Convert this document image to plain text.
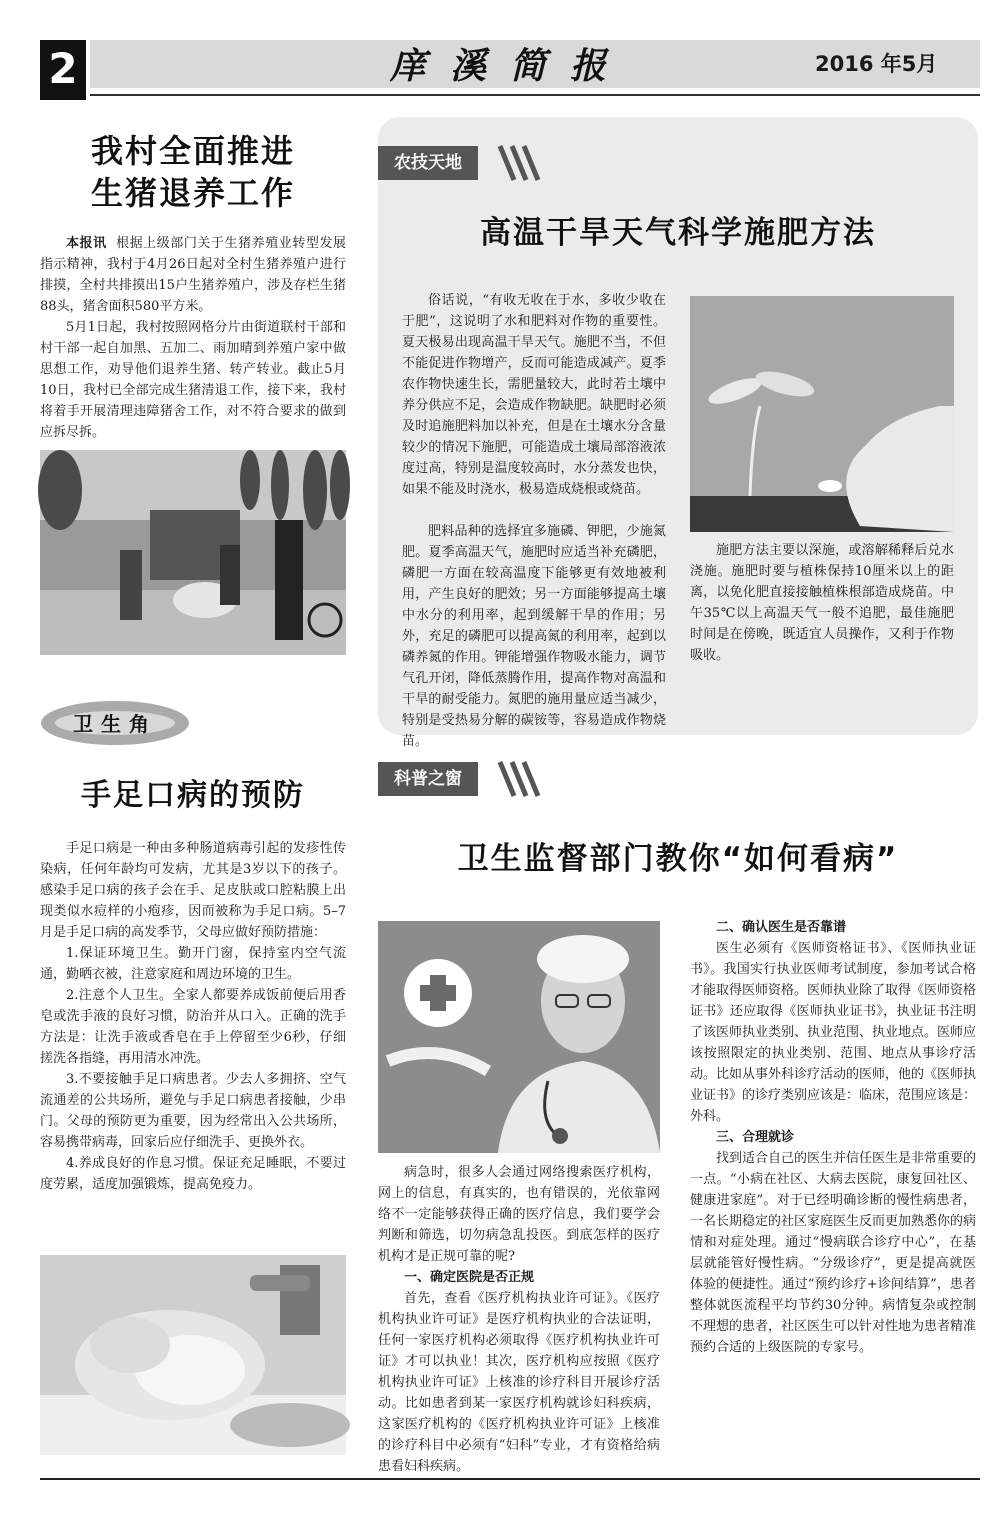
2	庠溪简报	2016 年5月
我村全面推进
生猪退养工作

本报讯 根据上级部门关于生猪养殖业转型发展指示精神，我村于4月26日起对全村生猪养殖户进行排摸，全村共排摸出15户生猪养殖户，涉及存栏生猪88头，猪舍面积580平方米。

5月1日起，我村按照网格分片由街道联村干部和村干部一起自加黑、五加二、雨加晴到养殖户家中做思想工作，劝导他们退养生猪、转产转业。截止5月10日，我村已全部完成生猪清退工作，接下来，我村将着手开展清理违障猪舍工作，对不符合要求的做到应拆尽拆。

卫生角
手足口病的预防

手足口病是一种由多种肠道病毒引起的发疹性传染病，任何年龄均可发病，尤其是3岁以下的孩子。感染手足口病的孩子会在手、足皮肤或口腔粘膜上出现类似水痘样的小疱疹，因而被称为手足口病。5–7月是手足口病的高发季节，父母应做好预防措施：

1.保证环境卫生。勤开门窗，保持室内空气流通，勤晒衣被，注意家庭和周边环境的卫生。

2.注意个人卫生。全家人都要养成饭前便后用香皂或洗手液的良好习惯，防治并从口入。正确的洗手方法是：让洗手液或香皂在手上停留至少6秒，仔细搓洗各指缝，再用清水冲洗。

3.不要接触手足口病患者。少去人多拥挤、空气流通差的公共场所，避免与手足口病患者接触，少串门。父母的预防更为重要，因为经常出入公共场所，容易携带病毒，回家后应仔细洗手、更换外衣。

4.养成良好的作息习惯。保证充足睡眠，不要过度劳累，适度加强锻炼，提高免疫力。

农技天地
高温干旱天气科学施肥方法

俗话说，“有收无收在于水，多收少收在于肥”，这说明了水和肥料对作物的重要性。夏天极易出现高温干旱天气。施肥不当，不但不能促进作物增产，反而可能造成减产。夏季农作物快速生长，需肥量较大，此时若土壤中养分供应不足，会造成作物缺肥。缺肥时必须及时追施肥料加以补充，但是在土壤水分含量较少的情况下施肥，可能造成土壤局部溶液浓度过高，特别是温度较高时，水分蒸发也快，如果不能及时浇水，极易造成烧根或烧苗。

肥料品种的选择宜多施磷、钾肥，少施氮肥。夏季高温天气，施肥时应适当补充磷肥，磷肥一方面在较高温度下能够更有效地被利用，产生良好的肥效；另一方面能够提高土壤中水分的利用率，起到缓解干旱的作用；另外，充足的磷肥可以提高氮的利用率，起到以磷养氮的作用。钾能增强作物吸水能力，调节气孔开闭，降低蒸腾作用，提高作物对高温和干旱的耐受能力。氮肥的施用量应适当减少，特别是受热易分解的碳铵等，容易造成作物烧苗。

施肥方法主要以深施，或溶解稀释后兑水浇施。施肥时要与植株保持10厘米以上的距离，以免化肥直接接触植株根部造成烧苗。中午35℃以上高温天气一般不追肥，最佳施肥时间是在傍晚，既适宜人员操作，又利于作物吸收。

科普之窗
卫生监督部门教你“如何看病”

病急时，很多人会通过网络搜索医疗机构，网上的信息，有真实的，也有错误的，光依靠网络不一定能够获得正确的医疗信息，我们要学会判断和筛选，切勿病急乱投医。到底怎样的医疗机构才是正规可靠的呢?

一、确定医院是否正规

首先，查看《医疗机构执业许可证》。《医疗机构执业许可证》是医疗机构执业的合法证明，任何一家医疗机构必须取得《医疗机构执业许可证》才可以执业！其次，医疗机构应按照《医疗机构执业许可证》上核准的诊疗科目开展诊疗活动。比如患者到某一家医疗机构就诊妇科疾病，这家医疗机构的《医疗机构执业许可证》上核准的诊疗科目中必须有“妇科”专业，才有资格给病患看妇科疾病。

二、确认医生是否靠谱

医生必须有《医师资格证书》、《医师执业证书》。我国实行执业医师考试制度，参加考试合格才能取得医师资格。医师执业除了取得《医师资格证书》还应取得《医师执业证书》，执业证书注明了该医师执业类别、执业范围、执业地点。医师应该按照限定的执业类别、范围、地点从事诊疗活动。比如从事外科诊疗活动的医师，他的《医师执业证书》的诊疗类别应该是：临床，范围应该是：外科。

三、合理就诊

找到适合自己的医生并信任医生是非常重要的一点。“小病在社区、大病去医院，康复回社区、健康进家庭”。对于已经明确诊断的慢性病患者，一名长期稳定的社区家庭医生反而更加熟悉你的病情和对症处理。通过“慢病联合诊疗中心”，在基层就能管好慢性病。“分级诊疗”，更是提高就医体验的便捷性。通过“预约诊疗+诊间结算”，患者整体就医流程平均节约30分钟。病情复杂或控制不理想的患者，社区医生可以针对性地为患者精准预约合适的上级医院的专家号。
